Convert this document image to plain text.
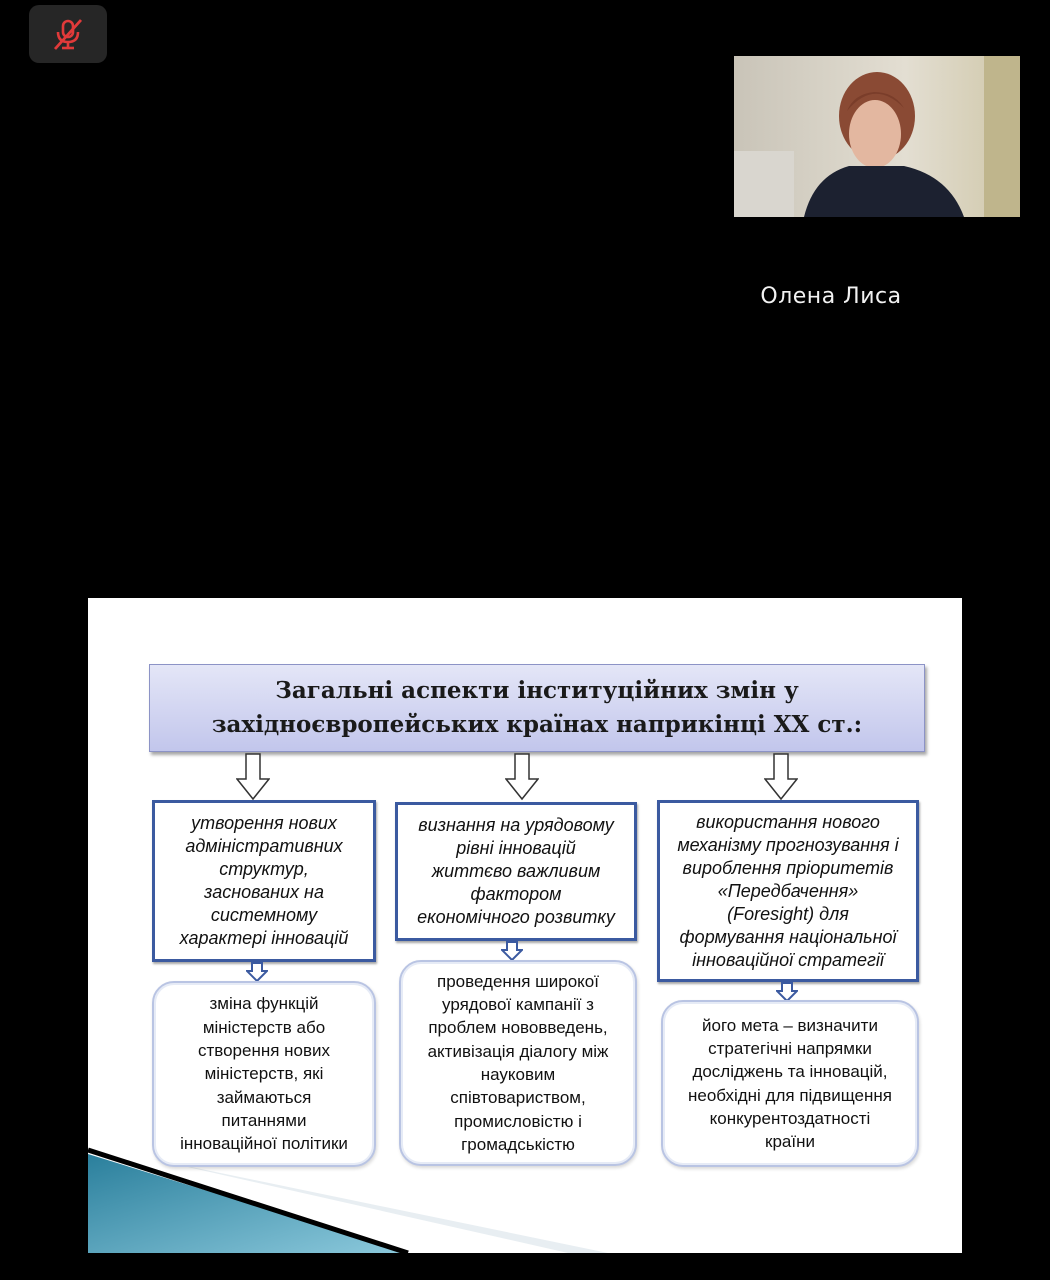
Олена Лиса
Загальні аспекти інституційних змін у
західноєвропейських країнах наприкінці ХХ ст.:
утворення нових
адміністративних
структур,
заснованих на
системному
характері інновацій
визнання на урядовому
рівні інновацій
життєво важливим
фактором
економічного розвитку
використання нового
механізму прогнозування і
вироблення пріоритетів
«Передбачення»
(Foresight) для
формування національної
інноваційної стратегії
зміна функцій
міністерств або
створення нових
міністерств, які
займаються
питаннями
інноваційної політики
проведення широкої
урядової кампанії з
проблем нововведень,
активізація діалогу між
науковим
співтовариством,
промисловістю і
громадськістю
його мета – визначити
стратегічні напрямки
досліджень та інновацій,
необхідні для підвищення
конкурентоздатності
країни
